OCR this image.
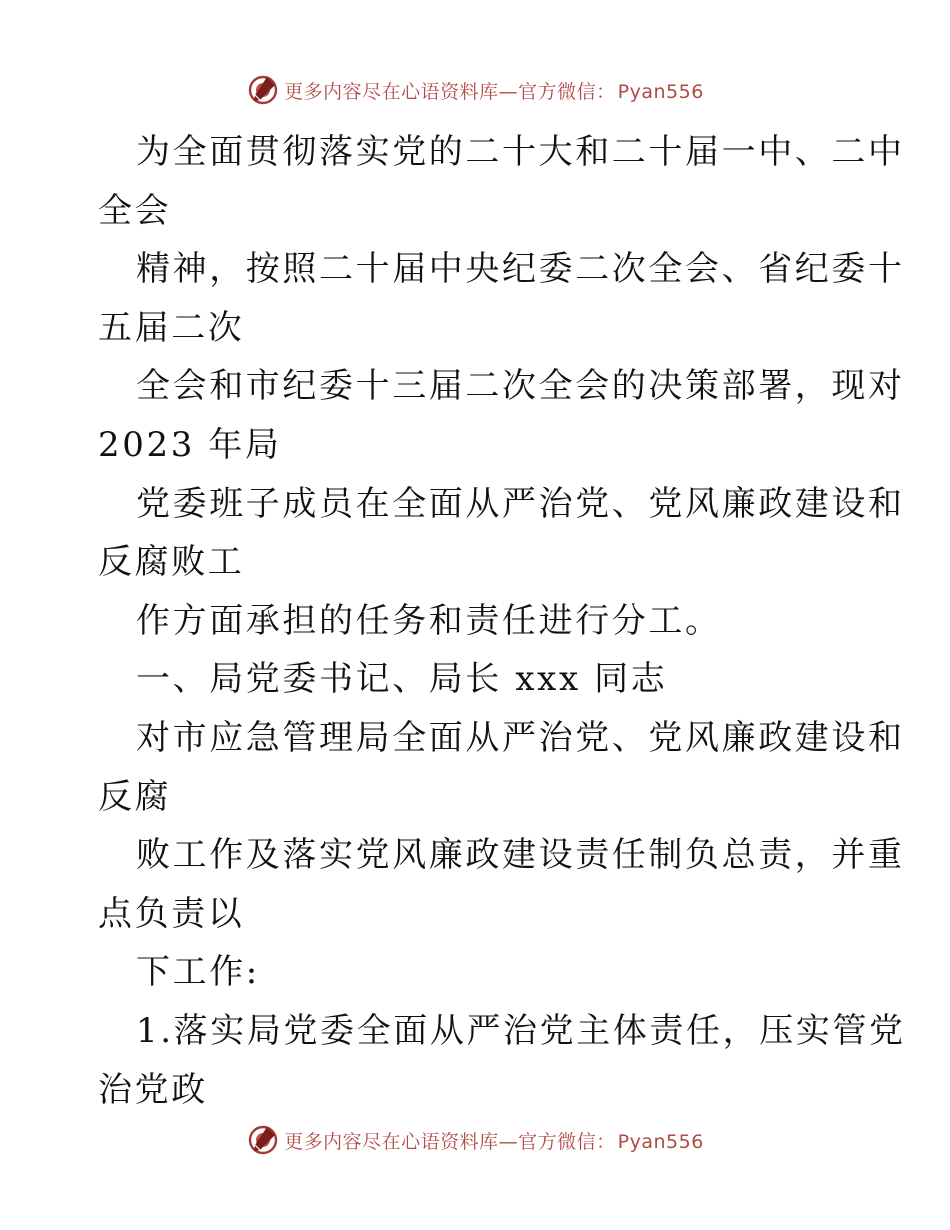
更多内容尽在心语资料库—官方微信： Pyan556
为全面贯彻落实党的二十大和二十届一中、二中
全会
精神，按照二十届中央纪委二次全会、省纪委十
五届二次
全会和市纪委十三届二次全会的决策部署，现对
2023 年局
党委班子成员在全面从严治党、党风廉政建设和
反腐败工
作方面承担的任务和责任进行分工。
一、局党委书记、局长 xxx 同志
对市应急管理局全面从严治党、党风廉政建设和
反腐
败工作及落实党风廉政建设责任制负总责，并重
点负责以
下工作:
1.落实局党委全面从严治党主体责任，压实管党
治党政
更多内容尽在心语资料库—官方微信： Pyan556
